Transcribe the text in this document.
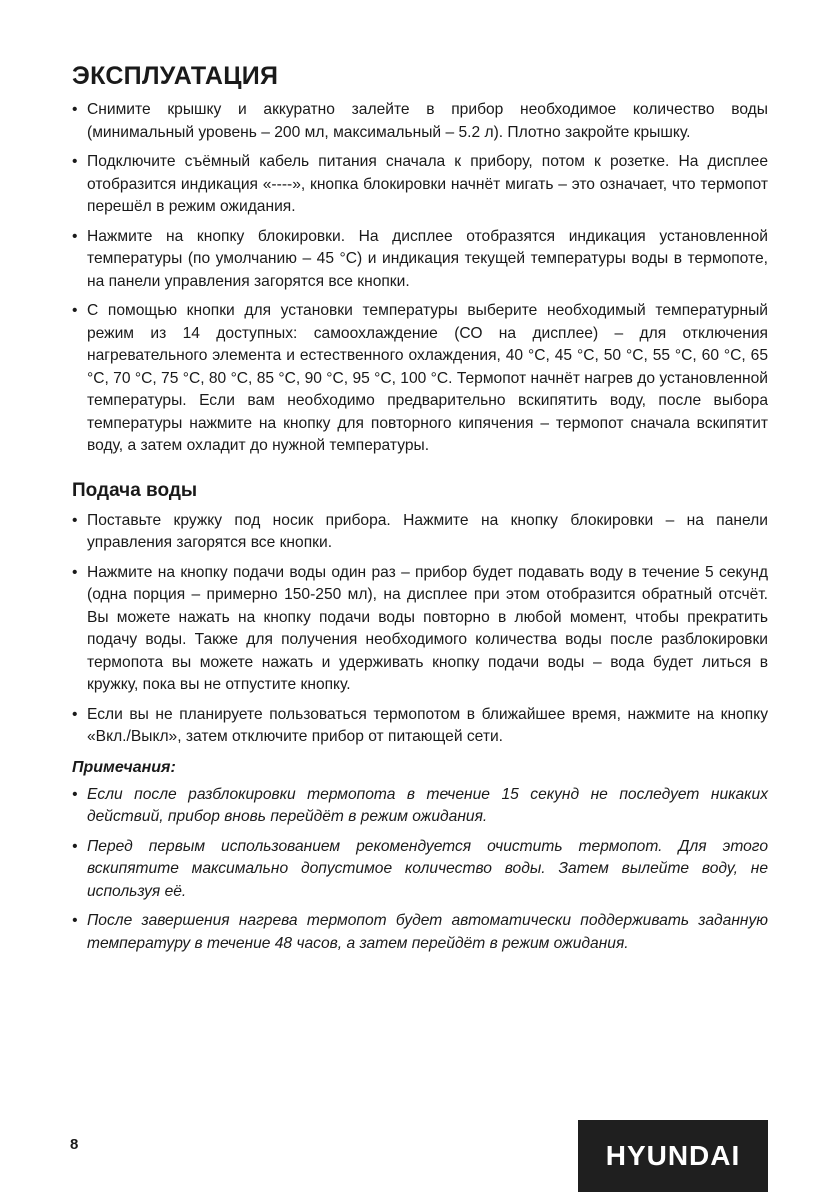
ЭКСПЛУАТАЦИЯ
• Снимите крышку и аккуратно залейте в прибор необходимое количество воды (минимальный уровень – 200 мл, максимальный – 5.2 л). Плотно закройте крышку.
• Подключите съёмный кабель питания сначала к прибору, потом к розетке. На дисплее отобразится индикация «----», кнопка блокировки начнёт мигать – это означает, что термопот перешёл в режим ожидания.
• Нажмите на кнопку блокировки. На дисплее отобразятся индикация установленной температуры (по умолчанию – 45 °С) и индикация текущей температуры воды в термопоте, на панели управления загорятся все кнопки.
• С помощью кнопки для установки температуры выберите необходимый температурный режим из 14 доступных: самоохлаждение (СО на дисплее) – для отключения нагревательного элемента и естественного охлаждения, 40 °С, 45 °С, 50 °С, 55 °С, 60 °С, 65 °С, 70 °С, 75 °С, 80 °С, 85 °С, 90 °С, 95 °С, 100 °С. Термопот начнёт нагрев до установленной температуры. Если вам необходимо предварительно вскипятить воду, после выбора температуры нажмите на кнопку для повторного кипячения – термопот сначала вскипятит воду, а затем охладит до нужной температуры.
Подача воды
• Поставьте кружку под носик прибора. Нажмите на кнопку блокировки – на панели управления загорятся все кнопки.
• Нажмите на кнопку подачи воды один раз – прибор будет подавать воду в течение 5 секунд (одна порция – примерно 150-250 мл), на дисплее при этом отобразится обратный отсчёт. Вы можете нажать на кнопку подачи воды повторно в любой момент, чтобы прекратить подачу воды. Также для получения необходимого количества воды после разблокировки термопота вы можете нажать и удерживать кнопку подачи воды – вода будет литься в кружку, пока вы не отпустите кнопку.
• Если вы не планируете пользоваться термопотом в ближайшее время, нажмите на кнопку «Вкл./Выкл», затем отключите прибор от питающей сети.
Примечания:
• Если после разблокировки термопота в течение 15 секунд не последует никаких действий, прибор вновь перейдёт в режим ожидания.
• Перед первым использованием рекомендуется очистить термопот. Для этого вскипятите максимально допустимое количество воды. Затем вылейте воду, не используя её.
• После завершения нагрева термопот будет автоматически поддерживать заданную температуру в течение 48 часов, а затем перейдёт в режим ожидания.
8	HYUNDAI
